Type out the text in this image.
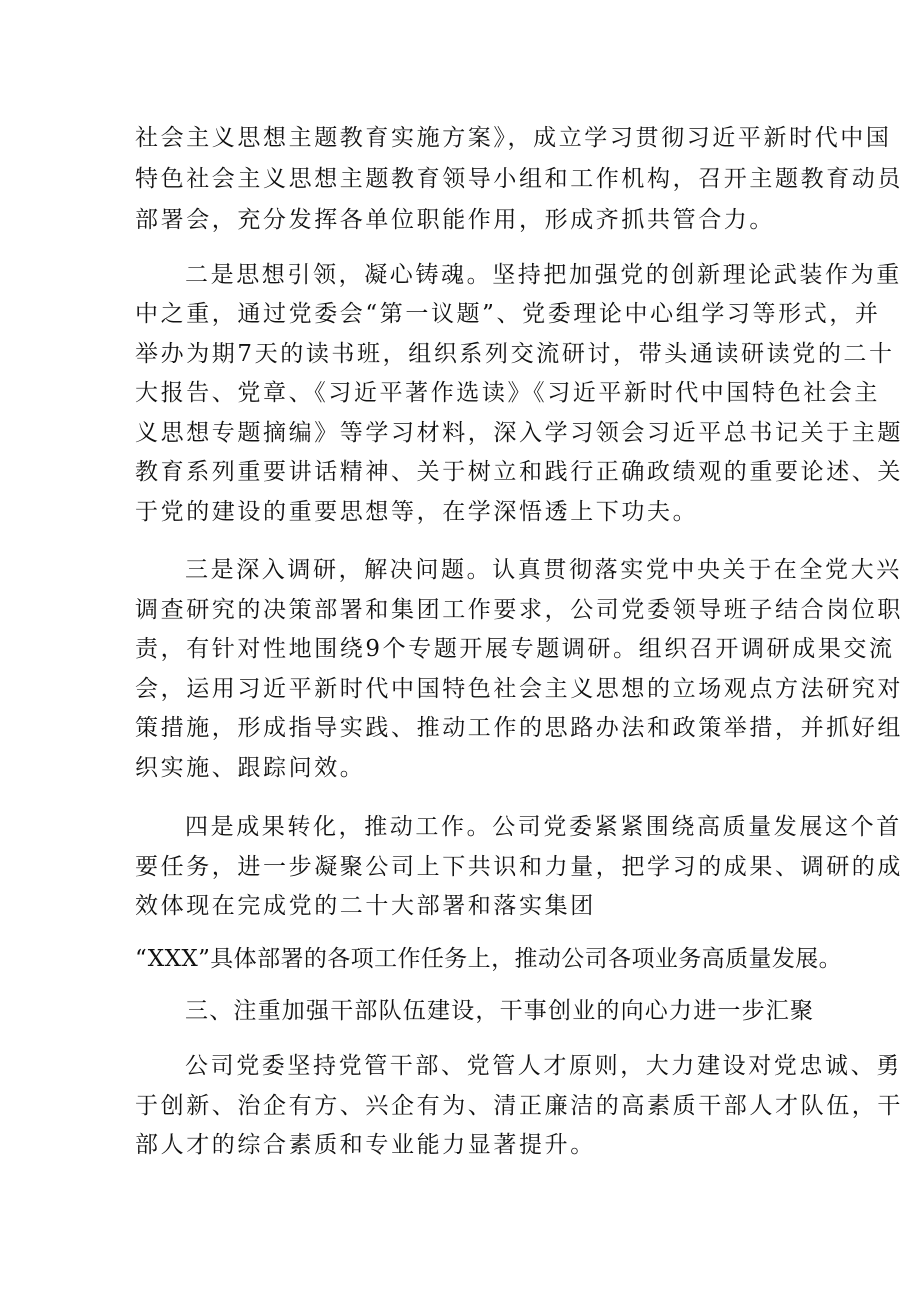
社会主义思想主题教育实施方案》，成立学习贯彻习近平新时代中国
特色社会主义思想主题教育领导小组和工作机构，召开主题教育动员
部署会，充分发挥各单位职能作用，形成齐抓共管合力。
二是思想引领，凝心铸魂。坚持把加强党的创新理论武装作为重
中之重，通过党委会“第一议题”、党委理论中心组学习等形式，并
举办为期7天的读书班，组织系列交流研讨，带头通读研读党的二十
大报告、党章、《习近平著作选读》《习近平新时代中国特色社会主
义思想专题摘编》等学习材料，深入学习领会习近平总书记关于主题
教育系列重要讲话精神、关于树立和践行正确政绩观的重要论述、关
于党的建设的重要思想等，在学深悟透上下功夫。
三是深入调研，解决问题。认真贯彻落实党中央关于在全党大兴
调查研究的决策部署和集团工作要求，公司党委领导班子结合岗位职
责，有针对性地围绕9个专题开展专题调研。组织召开调研成果交流
会，运用习近平新时代中国特色社会主义思想的立场观点方法研究对
策措施，形成指导实践、推动工作的思路办法和政策举措，并抓好组
织实施、跟踪问效。
四是成果转化，推动工作。公司党委紧紧围绕高质量发展这个首
要任务，进一步凝聚公司上下共识和力量，把学习的成果、调研的成
效体现在完成党的二十大部署和落实集团
“XXX”具体部署的各项工作任务上，推动公司各项业务高质量发展。
三、注重加强干部队伍建设，干事创业的向心力进一步汇聚
公司党委坚持党管干部、党管人才原则，大力建设对党忠诚、勇
于创新、治企有方、兴企有为、清正廉洁的高素质干部人才队伍，干
部人才的综合素质和专业能力显著提升。
